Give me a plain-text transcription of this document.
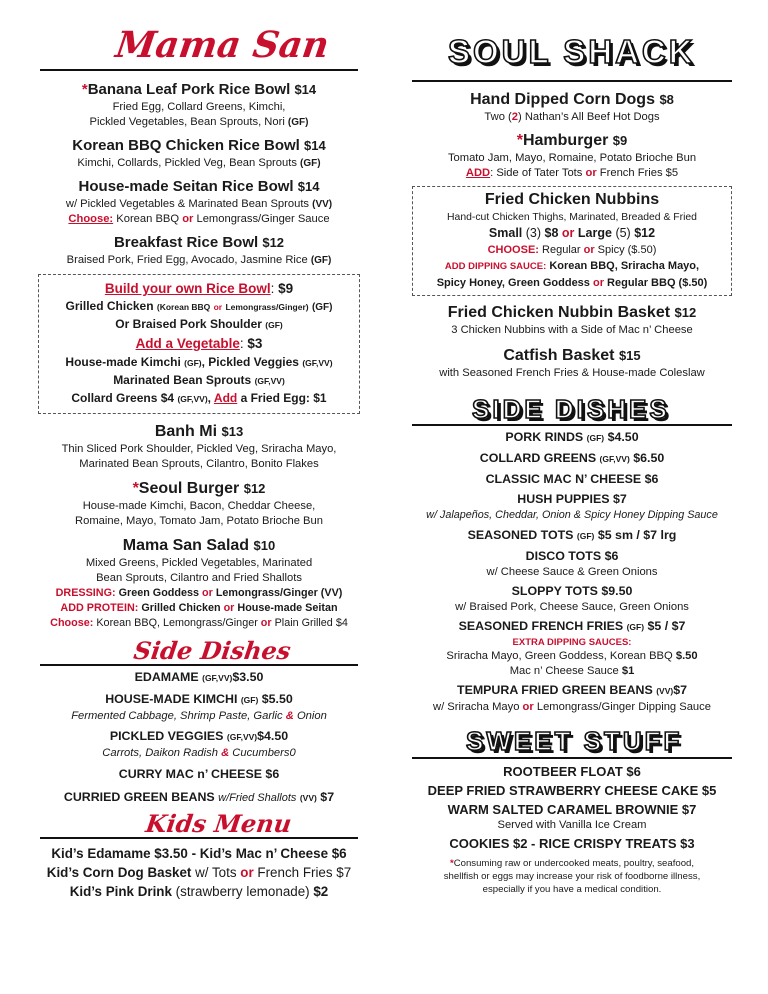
Mama San
*Banana Leaf Pork Rice Bowl $14
Fried Egg, Collard Greens, Kimchi,
Pickled Vegetables, Bean Sprouts, Nori (GF)
Korean BBQ Chicken Rice Bowl $14
Kimchi, Collards, Pickled Veg, Bean Sprouts (GF)
House-made Seitan Rice Bowl $14
w/ Pickled Vegetables & Marinated Bean Sprouts (VV)
Choose: Korean BBQ or Lemongrass/Ginger Sauce
Breakfast Rice Bowl $12
Braised Pork, Fried Egg, Avocado, Jasmine Rice (GF)
Build your own Rice Bowl: $9
Grilled Chicken (Korean BBQ or Lemongrass/Ginger) (GF)
Or Braised Pork Shoulder (GF)
Add a Vegetable: $3
House-made Kimchi (GF), Pickled Veggies (GF,VV)
Marinated Bean Sprouts (GF,VV)
Collard Greens $4 (GF,VV), Add a Fried Egg: $1
Banh Mi $13
Thin Sliced Pork Shoulder, Pickled Veg, Sriracha Mayo,
Marinated Bean Sprouts, Cilantro, Bonito Flakes
*Seoul Burger $12
House-made Kimchi, Bacon, Cheddar Cheese,
Romaine, Mayo, Tomato Jam, Potato Brioche Bun
Mama San Salad $10
Mixed Greens, Pickled Vegetables, Marinated
Bean Sprouts, Cilantro and Fried Shallots
DRESSING: Green Goddess or Lemongrass/Ginger (VV)
ADD PROTEIN: Grilled Chicken or House-made Seitan
Choose: Korean BBQ, Lemongrass/Ginger or Plain Grilled $4
Side Dishes
EDAMAME (GF,VV)$3.50
HOUSE-MADE KIMCHI (GF) $5.50
Fermented Cabbage, Shrimp Paste, Garlic & Onion
PICKLED VEGGIES (GF,VV)$4.50
Carrots, Daikon Radish & Cucumbers0
CURRY MAC n’ CHEESE $6
CURRIED GREEN BEANS w/Fried Shallots (VV) $7
Kids Menu
Kid’s Edamame $3.50 - Kid’s Mac n’ Cheese $6
Kid’s Corn Dog Basket w/ Tots or French Fries $7
Kid’s Pink Drink (strawberry lemonade) $2
SOUL SHACK
Hand Dipped Corn Dogs $8
Two (2) Nathan’s All Beef Hot Dogs
*Hamburger $9
Tomato Jam, Mayo, Romaine, Potato Brioche Bun
ADD: Side of Tater Tots or French Fries $5
Fried Chicken Nubbins
Hand-cut Chicken Thighs, Marinated, Breaded & Fried
Small (3) $8 or Large (5) $12
CHOOSE: Regular or Spicy ($.50)
ADD DIPPING SAUCE: Korean BBQ, Sriracha Mayo,
Spicy Honey, Green Goddess or Regular BBQ ($.50)
Fried Chicken Nubbin Basket $12
3 Chicken Nubbins with a Side of Mac n’ Cheese
Catfish Basket $15
with Seasoned French Fries & House-made Coleslaw
SIDE DISHES
PORK RINDS (GF) $4.50
COLLARD GREENS (GF,VV) $6.50
CLASSIC MAC N’ CHEESE $6
HUSH PUPPIES $7
w/ Jalapeños, Cheddar, Onion & Spicy Honey Dipping Sauce
SEASONED TOTS (GF) $5 sm / $7 lrg
DISCO TOTS $6
w/ Cheese Sauce & Green Onions
SLOPPY TOTS $9.50
w/ Braised Pork, Cheese Sauce, Green Onions
SEASONED FRENCH FRIES (GF) $5 / $7
EXTRA DIPPING SAUCES:
Sriracha Mayo, Green Goddess, Korean BBQ $.50
Mac n’ Cheese Sauce $1
TEMPURA FRIED GREEN BEANS (VV)$7
w/ Sriracha Mayo or Lemongrass/Ginger Dipping Sauce
SWEET STUFF
ROOTBEER FLOAT $6
DEEP FRIED STRAWBERRY CHEESE CAKE $5
WARM SALTED CARAMEL BROWNIE $7
Served with Vanilla Ice Cream
COOKIES $2 - RICE CRISPY TREATS $3
*Consuming raw or undercooked meats, poultry, seafood,
shellfish or eggs may increase your risk of foodborne illness,
especially if you have a medical condition.
